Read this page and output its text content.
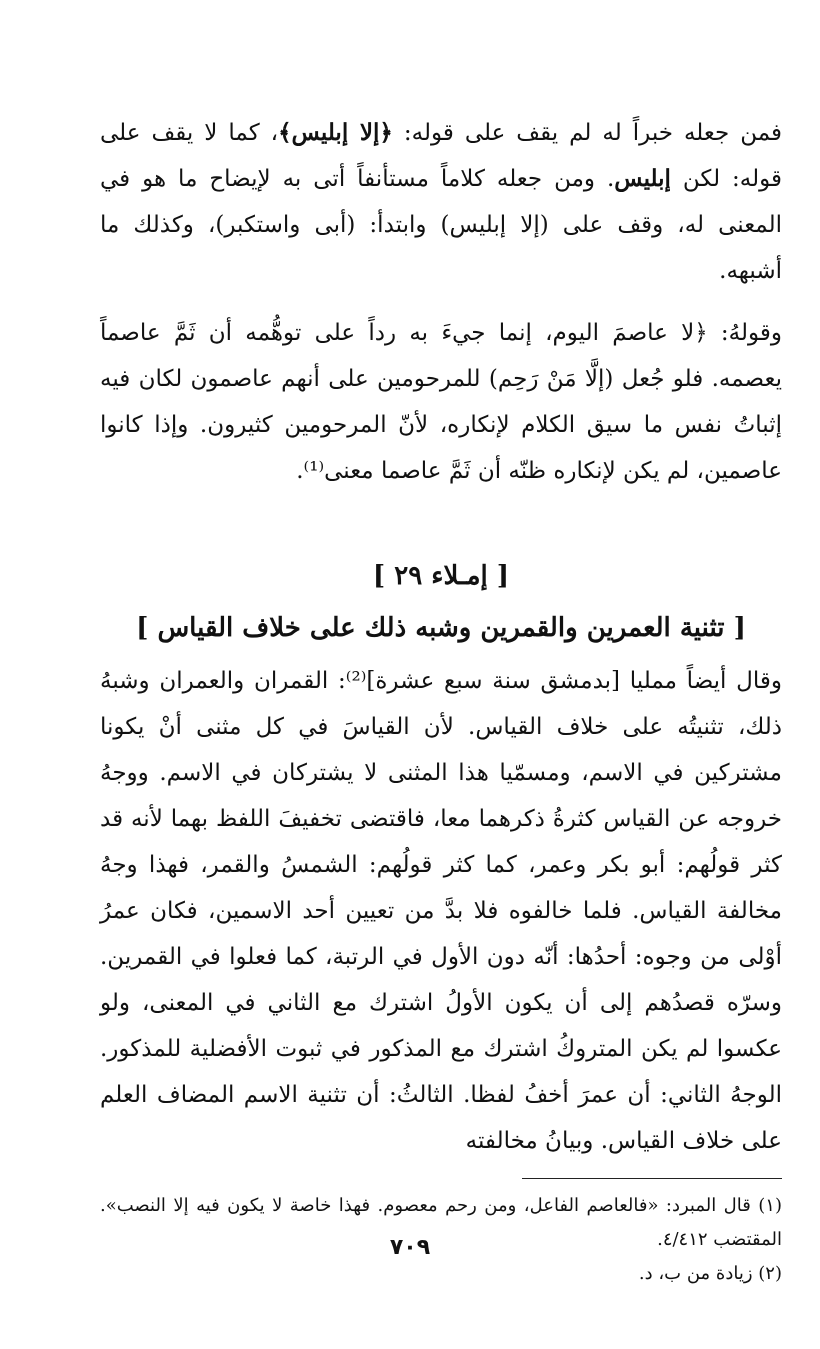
فمن جعله خبراً له لم يقف على قوله: ﴿إلا إبليس﴾، كما لا يقف على قوله: لكن إبليس. ومن جعله كلاماً مستأنفاً أتى به لإيضاح ما هو في المعنى له، وقف على (إلا إبليس) وابتدأ: (أبى واستكبر)، وكذلك ما أشبهه.

وقولهُ: ﴿لا عاصمَ اليوم، إنما جيءَ به رداً على توهُّمه أن ثَمَّ عاصماً يعصمه. فلو جُعل (إلَّا مَنْ رَحِم) للمرحومين على أنهم عاصمون لكان فيه إثباتُ نفس ما سيق الكلام لإنكاره، لأنّ المرحومين كثيرون. وإذا كانوا عاصمين، لم يكن لإنكاره ظنّه أن ثَمَّ عاصما معنى⁽¹⁾.

[ إمـلاء ٢٩ ]
[ تثنية العمرين والقمرين وشبه ذلك على خلاف القياس ]

وقال أيضاً ممليا [بدمشق سنة سبع عشرة]⁽²⁾: القمران والعمران وشبهُ ذلك، تثنيتُه على خلاف القياس. لأن القياسَ في كل مثنى أنْ يكونا مشتركين في الاسم، ومسمّيا هذا المثنى لا يشتركان في الاسم. ووجهُ خروجه عن القياس كثرةُ ذكرهما معا، فاقتضى تخفيفَ اللفظ بهما لأنه قد كثر قولُهم: أبو بكر وعمر، كما كثر قولُهم: الشمسُ والقمر، فهذا وجهُ مخالفة القياس. فلما خالفوه فلا بدَّ من تعيين أحد الاسمين، فكان عمرُ أوْلى من وجوه: أحدُها: أنّه دون الأول في الرتبة، كما فعلوا في القمرين. وسرّه قصدُهم إلى أن يكون الأولُ اشترك مع الثاني في المعنى، ولو عكسوا لم يكن المتروكُ اشترك مع المذكور في ثبوت الأفضلية للمذكور. الوجهُ الثاني: أن عمرَ أخفُ لفظا. الثالثُ: أن تثنية الاسم المضاف العلم على خلاف القياس. وبيانُ مخالفته

(١) قال المبرد: «فالعاصم الفاعل، ومن رحم معصوم. فهذا خاصة لا يكون فيه إلا النصب». المقتضب ٤/٤١٢.
(٢) زيادة من ب، د.
٧٠٩
